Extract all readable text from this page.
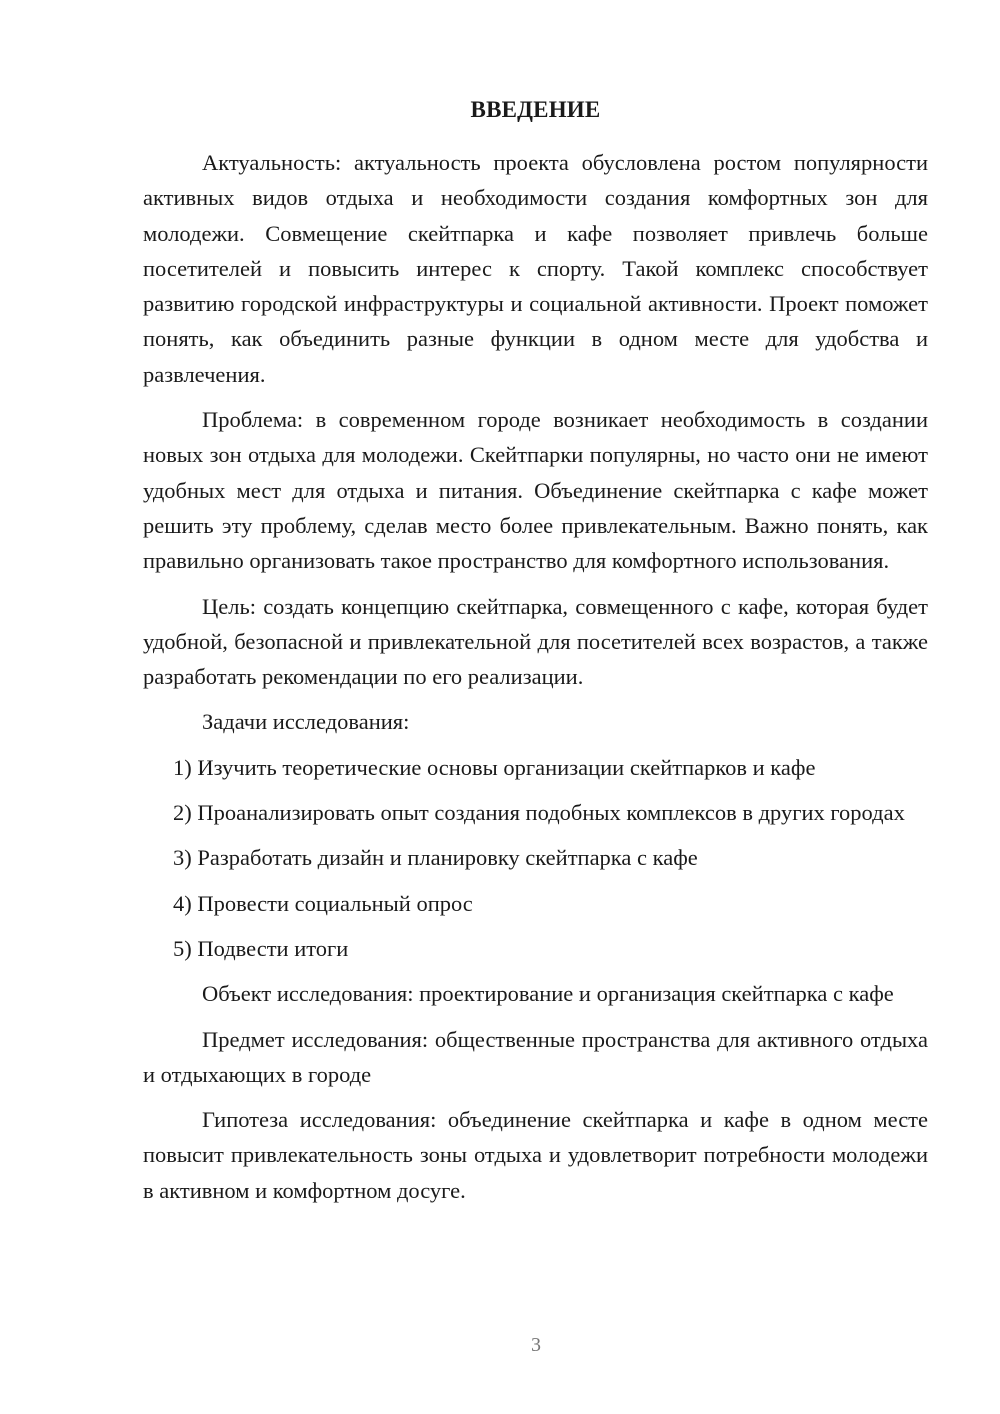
ВВЕДЕНИЕ

Актуальность: актуальность проекта обусловлена ростом популярности активных видов отдыха и необходимости создания комфортных зон для молодежи. Совмещение скейтпарка и кафе позволяет привлечь больше посетителей и повысить интерес к спорту. Такой комплекс способствует развитию городской инфраструктуры и социальной активности. Проект поможет понять, как объединить разные функции в одном месте для удобства и развлечения.

Проблема: в современном городе возникает необходимость в создании новых зон отдыха для молодежи. Скейтпарки популярны, но часто они не имеют удобных мест для отдыха и питания. Объединение скейтпарка с кафе может решить эту проблему, сделав место более привлекательным. Важно понять, как правильно организовать такое пространство для комфортного использования.

Цель: создать концепцию скейтпарка, совмещенного с кафе, которая будет удобной, безопасной и привлекательной для посетителей всех возрастов, а также разработать рекомендации по его реализации.

Задачи исследования:

1) Изучить теоретические основы организации скейтпарков и кафе

2) Проанализировать опыт создания подобных комплексов в других городах

3) Разработать дизайн и планировку скейтпарка с кафе

4) Провести социальный опрос

5) Подвести итоги

Объект исследования: проектирование и организация скейтпарка с кафе

Предмет исследования: общественные пространства для активного отдыха и отдыхающих в городе

Гипотеза исследования: объединение скейтпарка и кафе в одном месте повысит привлекательность зоны отдыха и удовлетворит потребности молодежи в активном и комфортном досуге.

3
